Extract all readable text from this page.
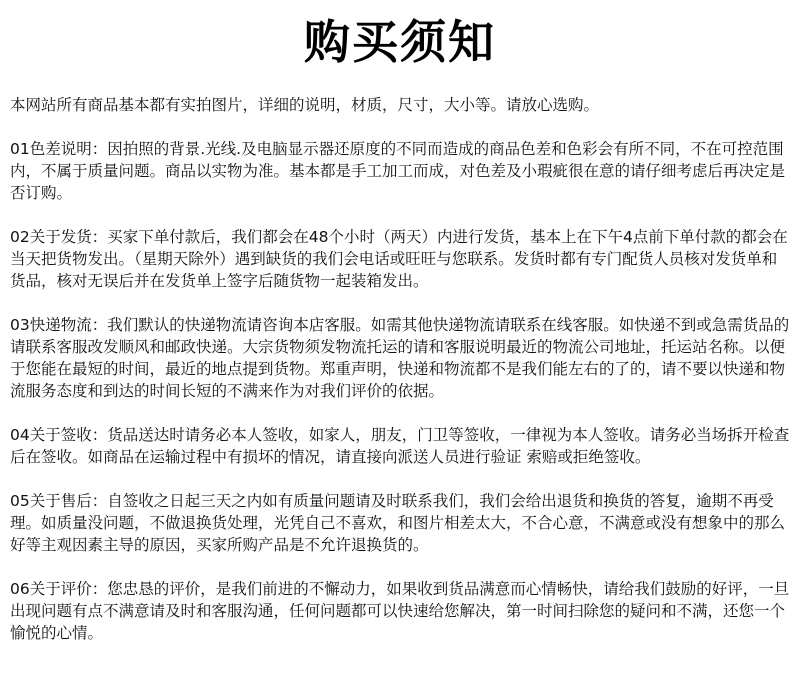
购买须知

本网站所有商品基本都有实拍图片，详细的说明，材质，尺寸，大小等。请放心选购。

01色差说明：因拍照的背景.光线.及电脑显示器还原度的不同而造成的商品色差和色彩会有所不同，不在可控范围内，不属于质量问题。商品以实物为准。基本都是手工加工而成，对色差及小瑕疵很在意的请仔细考虑后再决定是否订购。

02关于发货：买家下单付款后，我们都会在48个小时（两天）内进行发货，基本上在下午4点前下单付款的都会在当天把货物发出。（星期天除外）遇到缺货的我们会电话或旺旺与您联系。发货时都有专门配货人员核对发货单和货品，核对无误后并在发货单上签字后随货物一起装箱发出。

03快递物流：我们默认的快递物流请咨询本店客服。如需其他快递物流请联系在线客服。如快递不到或急需货品的请联系客服改发顺风和邮政快递。大宗货物须发物流托运的请和客服说明最近的物流公司地址，托运站名称。以便于您能在最短的时间，最近的地点提到货物。郑重声明，快递和物流都不是我们能左右的了的，请不要以快递和物流服务态度和到达的时间长短的不满来作为对我们评价的依据。

04关于签收：货品送达时请务必本人签收，如家人，朋友，门卫等签收，一律视为本人签收。请务必当场拆开检查后在签收。如商品在运输过程中有损坏的情况，请直接向派送人员进行验证 索赔或拒绝签收。

05关于售后：自签收之日起三天之内如有质量问题请及时联系我们，我们会给出退货和换货的答复，逾期不再受理。如质量没问题，不做退换货处理，光凭自己不喜欢，和图片相差太大，不合心意，不满意或没有想象中的那么好等主观因素主导的原因，买家所购产品是不允许退换货的。

06关于评价：您忠恳的评价，是我们前进的不懈动力，如果收到货品满意而心情畅快，请给我们鼓励的好评，一旦出现问题有点不满意请及时和客服沟通，任何问题都可以快速给您解决，第一时间扫除您的疑问和不满，还您一个愉悦的心情。
